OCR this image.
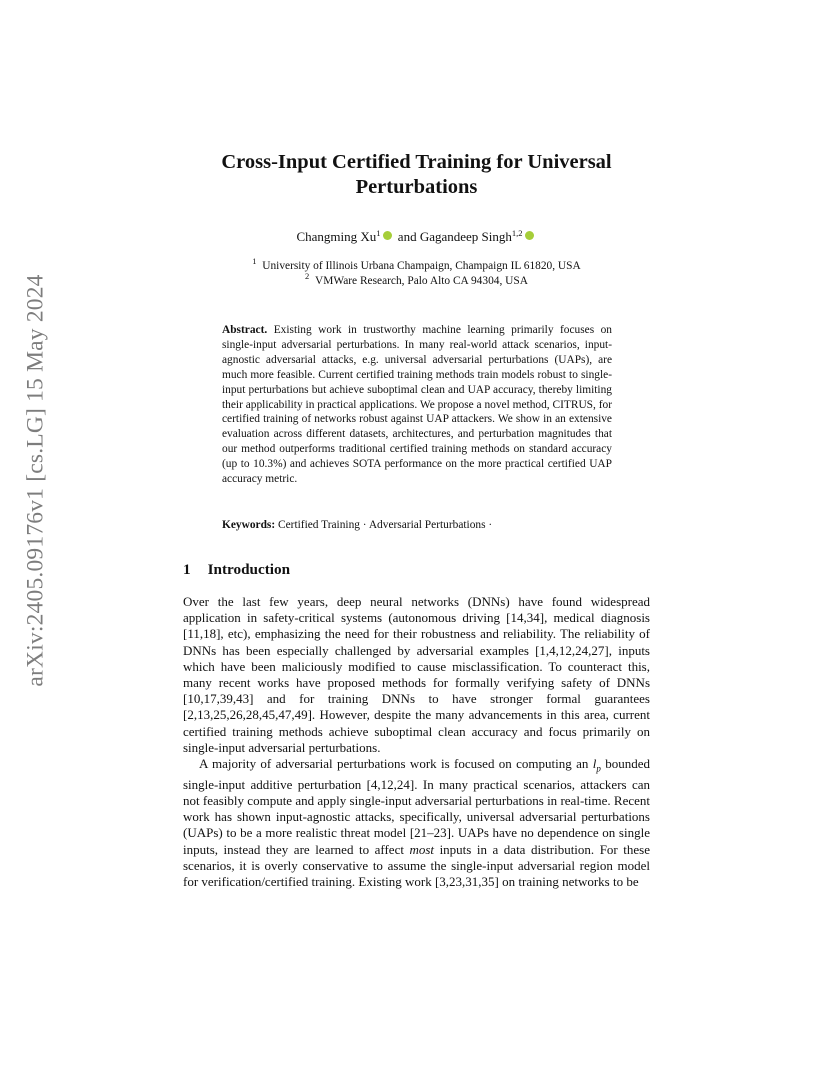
arXiv:2405.09176v1 [cs.LG] 15 May 2024
Cross-Input Certified Training for Universal
Perturbations
Changming Xu$^1$ and Gagandeep Singh$^{1,2}$
$^1$ University of Illinois Urbana Champaign, Champaign IL 61820, USA
$^2$ VMWare Research, Palo Alto CA 94304, USA

Abstract. Existing work in trustworthy machine learning primarily focuses on single-input adversarial perturbations. In many real-world attack scenarios, input-agnostic adversarial attacks, e.g. universal adversarial perturbations (UAPs), are much more feasible. Current certified training methods train models robust to single-input perturbations but achieve suboptimal clean and UAP accuracy, thereby limiting their applicability in practical applications. We propose a novel method, CITRUS, for certified training of networks robust against UAP attackers. We show in an extensive evaluation across different datasets, architectures, and perturbation magnitudes that our method outperforms traditional certified training methods on standard accuracy (up to 10.3%) and achieves SOTA performance on the more practical certified UAP accuracy metric.

Keywords: Certified Training · Adversarial Perturbations ·

1 Introduction

Over the last few years, deep neural networks (DNNs) have found widespread application in safety-critical systems (autonomous driving [14,34], medical diagnosis [11,18], etc), emphasizing the need for their robustness and reliability. The reliability of DNNs has been especially challenged by adversarial examples [1,4,12,24,27], inputs which have been maliciously modified to cause misclassification. To counteract this, many recent works have proposed methods for formally verifying safety of DNNs [10,17,39,43] and for training DNNs to have stronger formal guarantees [2,13,25,26,28,45,47,49]. However, despite the many advancements in this area, current certified training methods achieve suboptimal clean accuracy and focus primarily on single-input adversarial perturbations.

A majority of adversarial perturbations work is focused on computing an $l_p$ bounded single-input additive perturbation [4,12,24]. In many practical scenarios, attackers can not feasibly compute and apply single-input adversarial perturbations in real-time. Recent work has shown input-agnostic attacks, specifically, universal adversarial perturbations (UAPs) to be a more realistic threat model [21–23]. UAPs have no dependence on single inputs, instead they are learned to affect most inputs in a data distribution. For these scenarios, it is overly conservative to assume the single-input adversarial region model for verification/certified training. Existing work [3,23,31,35] on training networks to be
